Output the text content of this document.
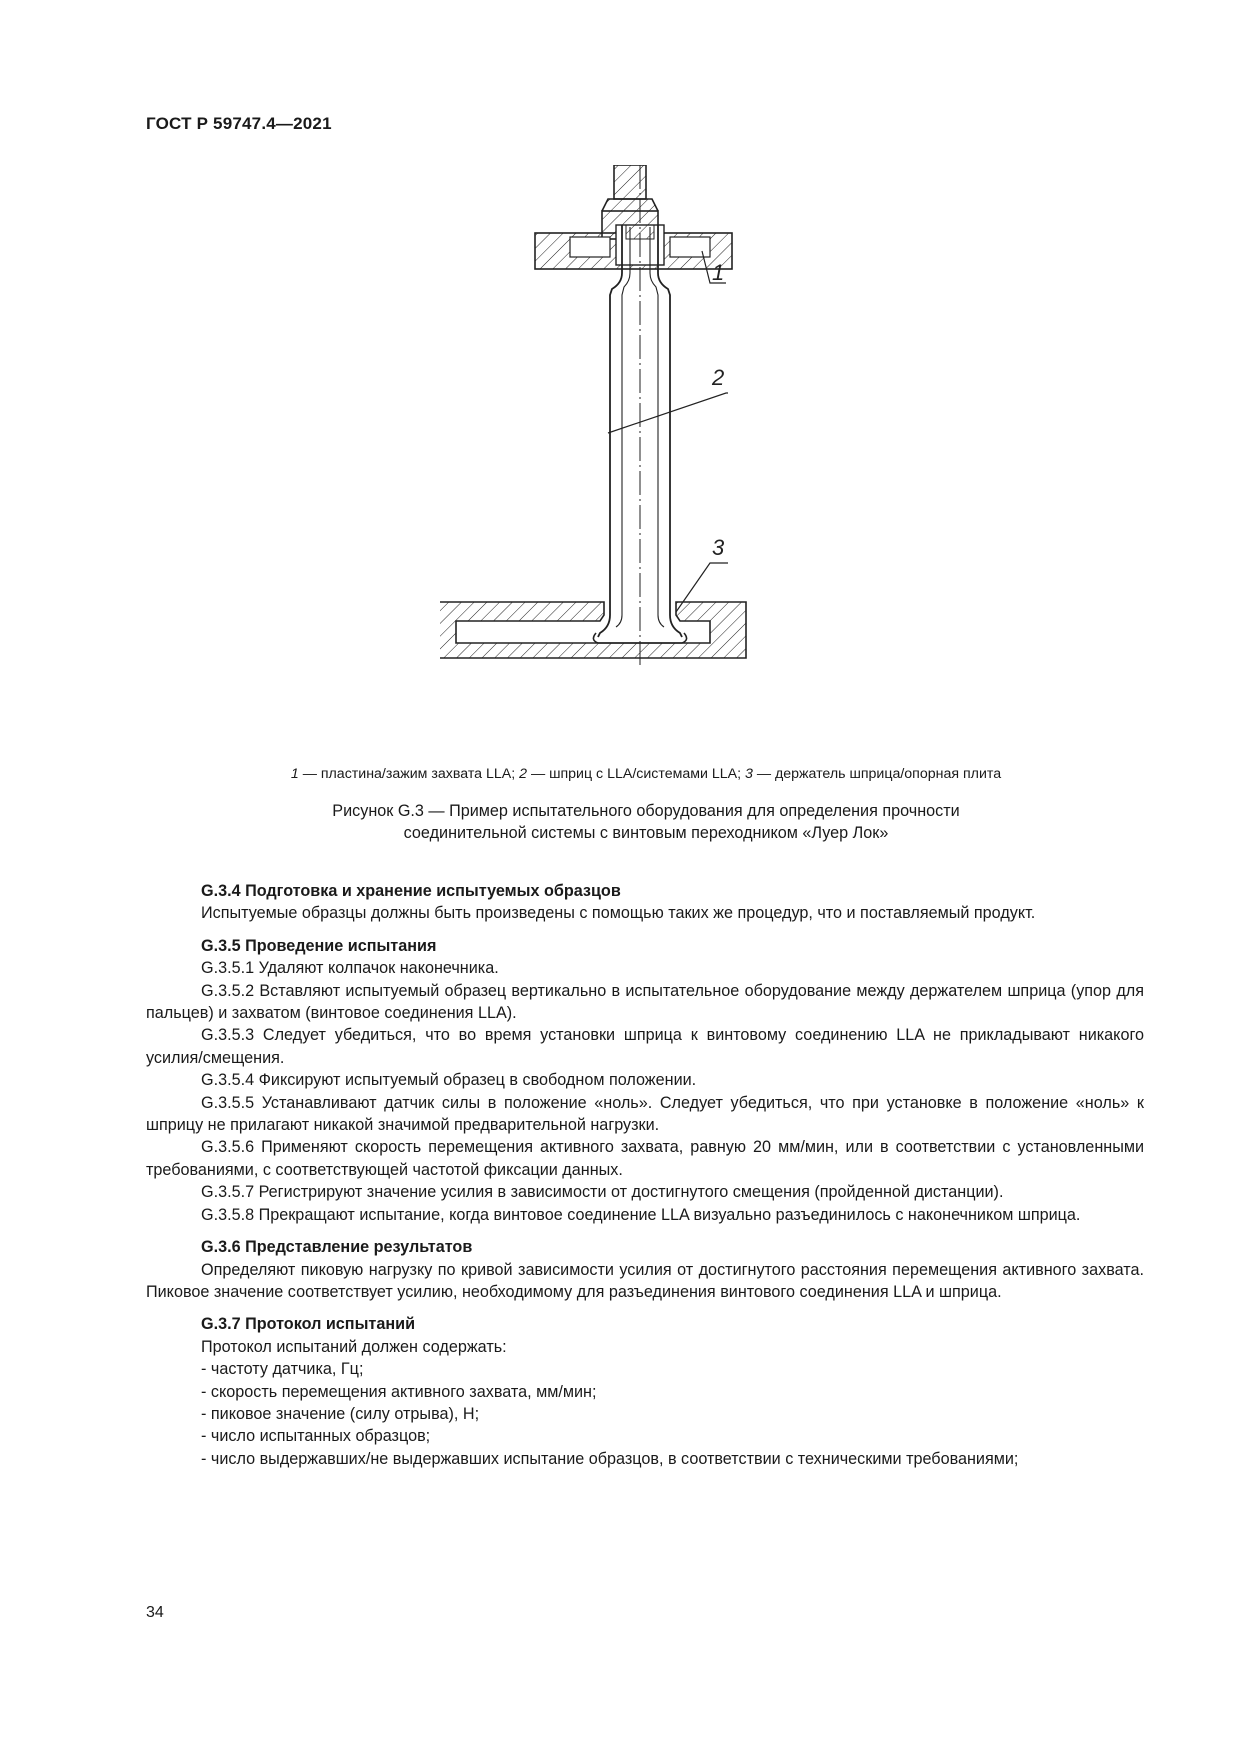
ГОСТ Р 59747.4—2021
1
2
3
1 — пластина/зажим захвата LLA; 2 — шприц с LLA/системами LLA; 3 — держатель шприца/опорная плита
Рисунок G.3 — Пример испытательного оборудования для определения прочности
соединительной системы с винтовым переходником «Луер Лок»
G.3.4 Подготовка и хранение испытуемых образцов

Испытуемые образцы должны быть произведены с помощью таких же процедур, что и поставляемый продукт.

G.3.5 Проведение испытания

G.3.5.1 Удаляют колпачок наконечника.

G.3.5.2 Вставляют испытуемый образец вертикально в испытательное оборудование между держателем шприца (упор для пальцев) и захватом (винтовое соединения LLA).

G.3.5.3 Следует убедиться, что во время установки шприца к винтовому соединению LLA не прикладывают никакого усилия/смещения.

G.3.5.4 Фиксируют испытуемый образец в свободном положении.

G.3.5.5 Устанавливают датчик силы в положение «ноль». Следует убедиться, что при установке в положение «ноль» к шприцу не прилагают никакой значимой предварительной нагрузки.

G.3.5.6 Применяют скорость перемещения активного захвата, равную 20 мм/мин, или в соответствии с установленными требованиями, с соответствующей частотой фиксации данных.

G.3.5.7 Регистрируют значение усилия в зависимости от достигнутого смещения (пройденной дистанции).

G.3.5.8 Прекращают испытание, когда винтовое соединение LLA визуально разъединилось с наконечником шприца.

G.3.6 Представление результатов

Определяют пиковую нагрузку по кривой зависимости усилия от достигнутого расстояния перемещения активного захвата. Пиковое значение соответствует усилию, необходимому для разъединения винтового соединения LLA и шприца.

G.3.7 Протокол испытаний

Протокол испытаний должен содержать:

- частоту датчика, Гц;

- скорость перемещения активного захвата, мм/мин;

- пиковое значение (силу отрыва), Н;

- число испытанных образцов;

- число выдержавших/не выдержавших испытание образцов, в соответствии с техническими требованиями;

34
